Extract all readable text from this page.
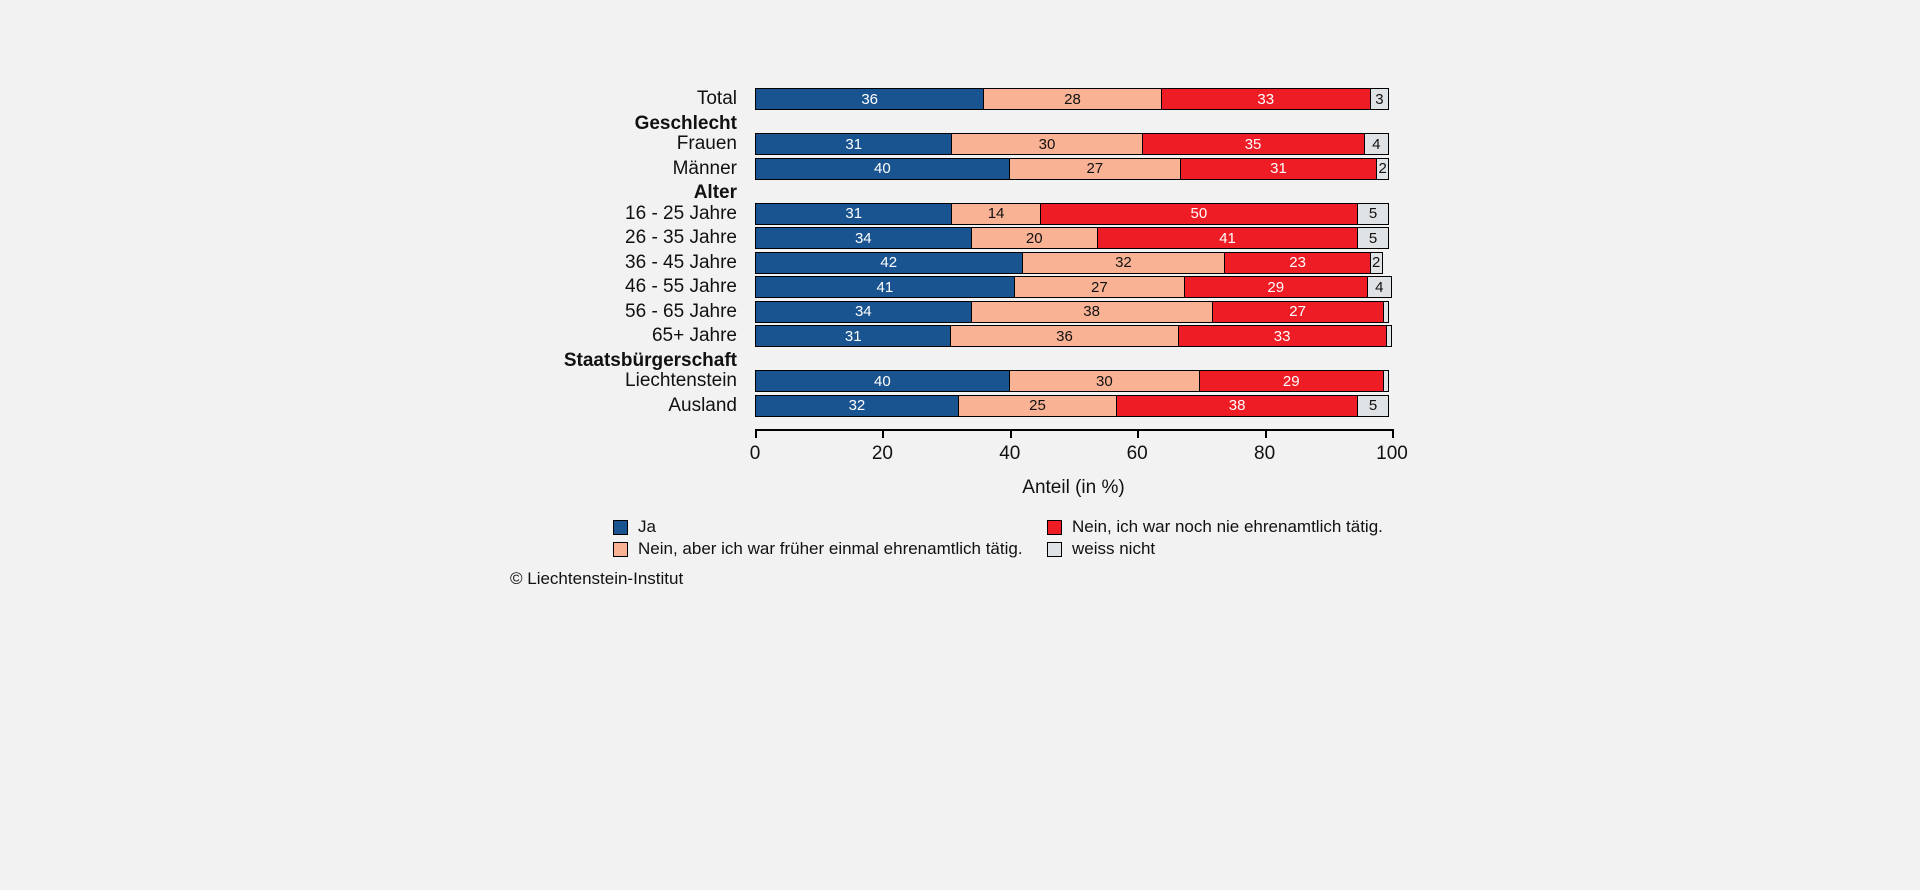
Total	36	28	33	3
Geschlecht
Frauen	31	30	35	4
Männer	40	27	31	2
Alter
16 - 25 Jahre	31	14	50	5
26 - 35 Jahre	34	20	41	5
36 - 45 Jahre	42	32	23	2
46 - 55 Jahre	41	27	29	4
56 - 65 Jahre	34	38	27
65+ Jahre	31	36	33
Staatsbürgerschaft
Liechtenstein	40	30	29
Ausland	32	25	38	5
0	20	40	60	80	100
Anteil (in %)
Ja
Nein, aber ich war früher einmal ehrenamtlich tätig.
Nein, ich war noch nie ehrenamtlich tätig.
weiss nicht
© Liechtenstein-Institut
